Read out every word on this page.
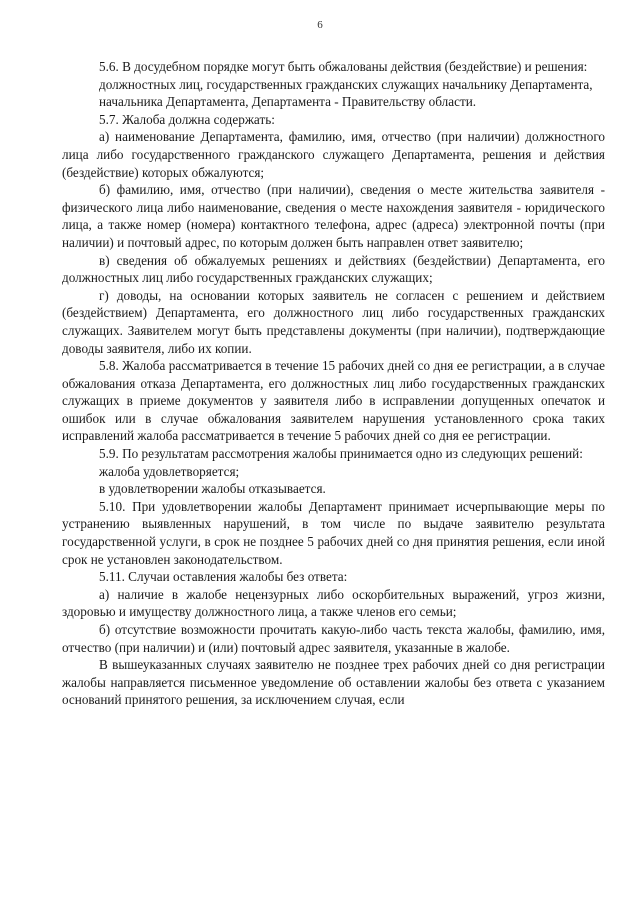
6

5.6. В досудебном порядке могут быть обжалованы действия (бездействие) и решения:

должностных лиц, государственных гражданских служащих начальнику Департамента,

начальника Департамента, Департамента - Правительству области.

5.7. Жалоба должна содержать:

а) наименование Департамента, фамилию, имя, отчество (при наличии) должностного лица либо государственного гражданского служащего Департамента, решения и действия (бездействие) которых обжалуются;

б) фамилию, имя, отчество (при наличии), сведения о месте жительства заявителя - физического лица либо наименование, сведения о месте нахождения заявителя - юридического лица, а также номер (номера) контактного телефона, адрес (адреса) электронной почты (при наличии) и почтовый адрес, по которым должен быть направлен ответ заявителю;

в) сведения об обжалуемых решениях и действиях (бездействии) Департамента, его должностных лиц либо государственных гражданских служащих;

г) доводы, на основании которых заявитель не согласен с решением и действием (бездействием) Департамента, его должностного лиц либо государственных гражданских служащих. Заявителем могут быть представлены документы (при наличии), подтверждающие доводы заявителя, либо их копии.

5.8. Жалоба рассматривается в течение 15 рабочих дней со дня ее регистрации, а в случае обжалования отказа Департамента, его должностных лиц либо государственных гражданских служащих в приеме документов у заявителя либо в исправлении допущенных опечаток и ошибок или в случае обжалования заявителем нарушения установленного срока таких исправлений жалоба рассматривается в течение 5 рабочих дней со дня ее регистрации.

5.9. По результатам рассмотрения жалобы принимается одно из следующих решений:

жалоба удовлетворяется;

в удовлетворении жалобы отказывается.

5.10. При удовлетворении жалобы Департамент принимает исчерпывающие меры по устранению выявленных нарушений, в том числе по выдаче заявителю результата государственной услуги, в срок не позднее 5 рабочих дней со дня принятия решения, если иной срок не установлен законодательством.

5.11. Случаи оставления жалобы без ответа:

а) наличие в жалобе нецензурных либо оскорбительных выражений, угроз жизни, здоровью и имуществу должностного лица, а также членов его семьи;

б) отсутствие возможности прочитать какую-либо часть текста жалобы, фамилию, имя, отчество (при наличии) и (или) почтовый адрес заявителя, указанные в жалобе.

В вышеуказанных случаях заявителю не позднее трех рабочих дней со дня регистрации жалобы направляется письменное уведомление об оставлении жалобы без ответа с указанием оснований принятого решения, за исключением случая, если
